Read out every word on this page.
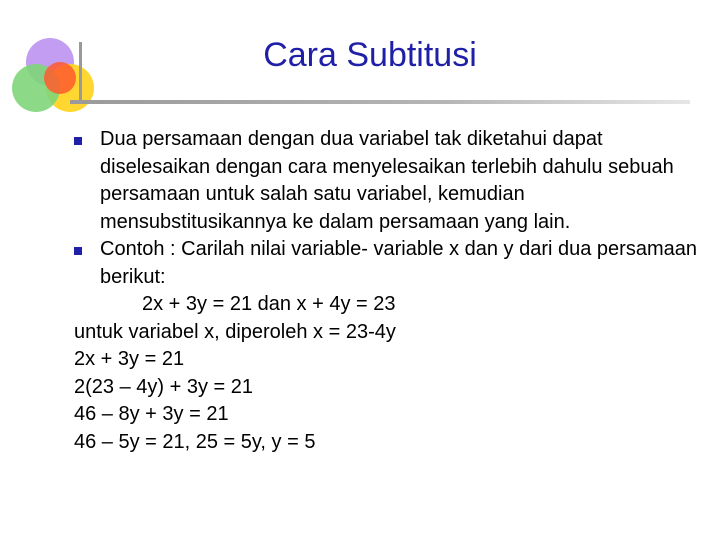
Cara Subtitusi
Dua persamaan dengan dua variabel tak diketahui dapat diselesaikan dengan cara menyelesaikan terlebih dahulu sebuah persamaan untuk salah satu variabel, kemudian mensubstitusikannya ke dalam persamaan yang lain.
Contoh : Carilah nilai variable- variable x dan y dari dua persamaan berikut:
2x + 3y = 21 dan x + 4y = 23
untuk variabel x, diperoleh x = 23-4y
2x + 3y = 21
2(23 – 4y) + 3y = 21
46 – 8y + 3y = 21
46 – 5y = 21, 25 = 5y, y = 5
